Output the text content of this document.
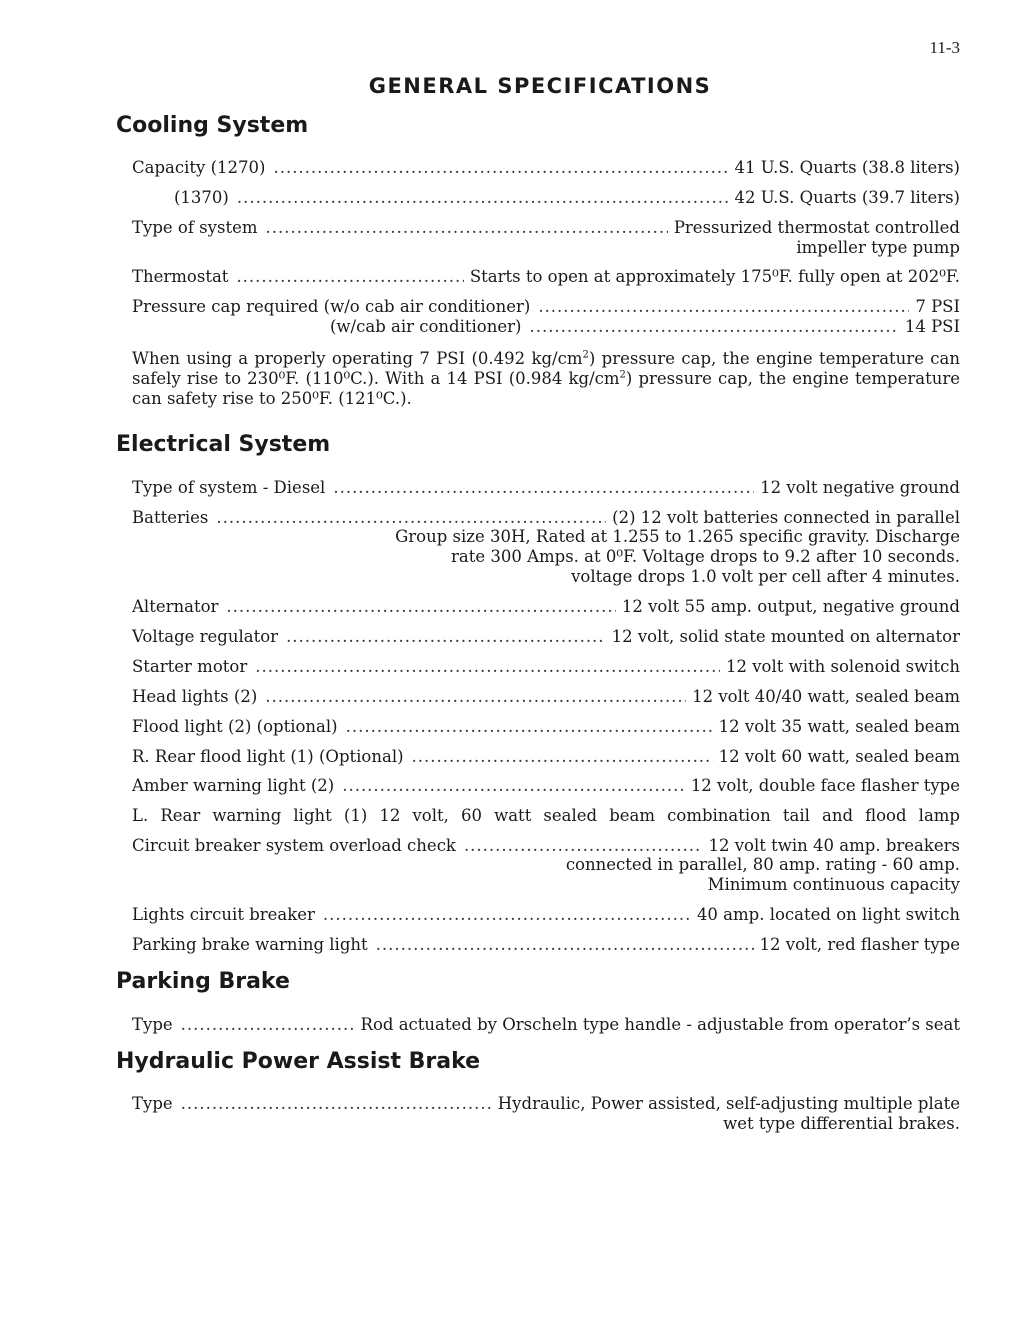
11-3
GENERAL SPECIFICATIONS
Cooling System
Capacity (1270) .....	41 U.S. Quarts (38.8 liters)
(1370) .....	42 U.S. Quarts (39.7 liters)
Type of system .....	Pressurized thermostat controlled
impeller type pump
Thermostat .....	Starts to open at approximately 175⁰F. fully open at 202⁰F.
Pressure cap required (w/o cab air conditioner) .....	7 PSI
(w/cab air conditioner) .....	14 PSI

When using a properly operating 7 PSI (0.492 $kg/cm^2$) pressure cap, the engine temperature can safely rise to 230⁰F. (110⁰C.). With a 14 PSI (0.984 $kg/cm^2$) pressure cap, the engine temperature can safety rise to 250⁰F. (121⁰C.).

Electrical System
Type of system - Diesel .....	12 volt negative ground
Batteries .....	(2) 12 volt batteries connected in parallel
Group size 30H, Rated at 1.255 to 1.265 specific gravity. Discharge
rate 300 Amps. at 0⁰F. Voltage drops to 9.2 after 10 seconds.
voltage drops 1.0 volt per cell after 4 minutes.
Alternator .....	12 volt 55 amp. output, negative ground
Voltage regulator .....	12 volt, solid state mounted on alternator
Starter motor .....	12 volt with solenoid switch
Head lights (2) .....	12 volt 40/40 watt, sealed beam
Flood light (2) (optional) .....	12 volt 35 watt, sealed beam
R. Rear flood light (1) (Optional) .....	12 volt 60 watt, sealed beam
Amber warning light (2) .....	12 volt, double face flasher type
L. Rear warning light (1) 12 volt, 60 watt sealed beam combination tail and flood lamp
Circuit breaker system overload check .....	12 volt twin 40 amp. breakers
connected in parallel, 80 amp. rating - 60 amp.
Minimum continuous capacity
Lights circuit breaker .....	40 amp. located on light switch
Parking brake warning light .....	12 volt, red flasher type
Parking Brake
Type .....	Rod actuated by Orscheln type handle - adjustable from operator’s seat
Hydraulic Power Assist Brake
Type .....	Hydraulic, Power assisted, self-adjusting multiple plate
wet type differential brakes.
